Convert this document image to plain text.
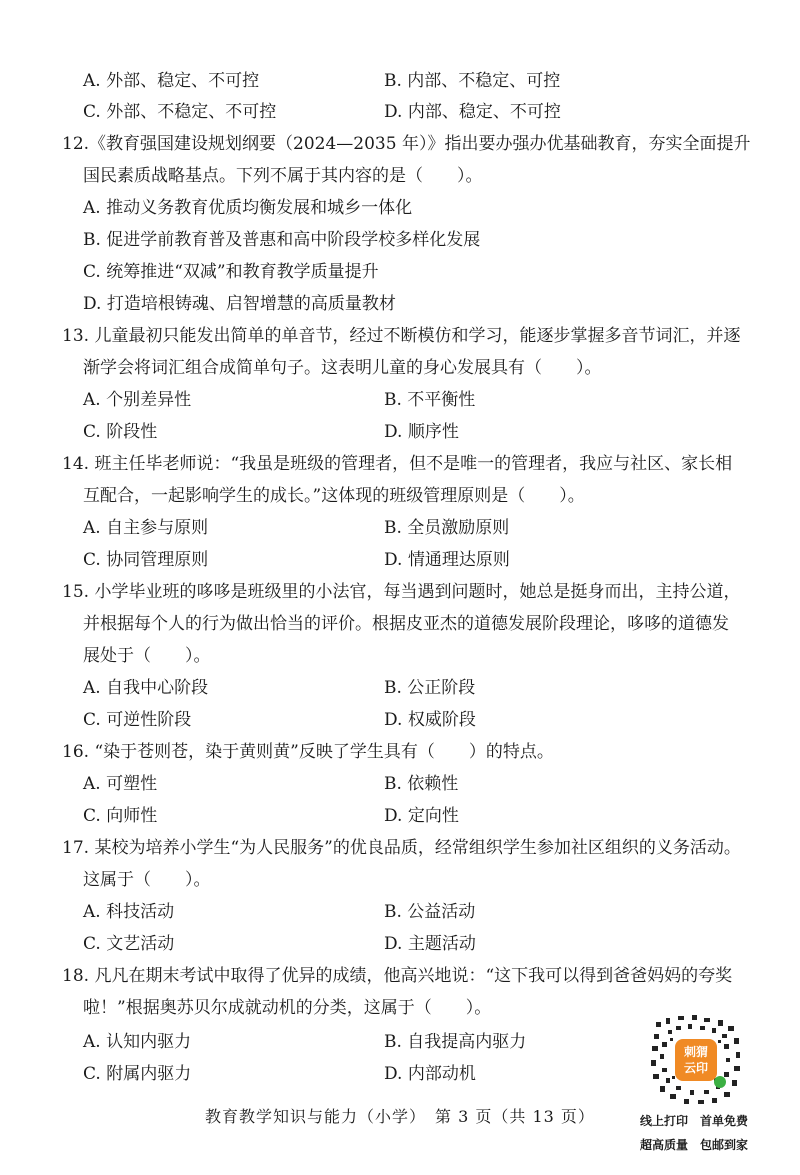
A. 外部、稳定、不可控	B. 内部、不稳定、可控
C. 外部、不稳定、不可控	D. 内部、稳定、不可控
12.《教育强国建设规划纲要（2024—2035 年）》指出要办强办优基础教育，夯实全面提升
国民素质战略基点。下列不属于其内容的是（　　）。
A. 推动义务教育优质均衡发展和城乡一体化
B. 促进学前教育普及普惠和高中阶段学校多样化发展
C. 统筹推进“双减”和教育教学质量提升
D. 打造培根铸魂、启智增慧的高质量教材
13. 儿童最初只能发出简单的单音节，经过不断模仿和学习，能逐步掌握多音节词汇，并逐
渐学会将词汇组合成简单句子。这表明儿童的身心发展具有（　　）。
A. 个别差异性	B. 不平衡性
C. 阶段性	D. 顺序性
14. 班主任毕老师说：“我虽是班级的管理者，但不是唯一的管理者，我应与社区、家长相
互配合，一起影响学生的成长。”这体现的班级管理原则是（　　）。
A. 自主参与原则	B. 全员激励原则
C. 协同管理原则	D. 情通理达原则
15. 小学毕业班的哆哆是班级里的小法官，每当遇到问题时，她总是挺身而出，主持公道，
并根据每个人的行为做出恰当的评价。根据皮亚杰的道德发展阶段理论，哆哆的道德发
展处于（　　）。
A. 自我中心阶段	B. 公正阶段
C. 可逆性阶段	D. 权威阶段
16. “染于苍则苍，染于黄则黄”反映了学生具有（　　）的特点。
A. 可塑性	B. 依赖性
C. 向师性	D. 定向性
17. 某校为培养小学生“为人民服务”的优良品质，经常组织学生参加社区组织的义务活动。
这属于（　　）。
A. 科技活动	B. 公益活动
C. 文艺活动	D. 主题活动
18. 凡凡在期末考试中取得了优异的成绩，他高兴地说：“这下我可以得到爸爸妈妈的夸奖
啦！”根据奥苏贝尔成就动机的分类，这属于（　　）。
A. 认知内驱力	B. 自我提高内驱力
C. 附属内驱力	D. 内部动机
教育教学知识与能力（小学）　第 3 页（共 13 页）
刺猬
云印
线上打印　首单免费
超高质量　包邮到家
